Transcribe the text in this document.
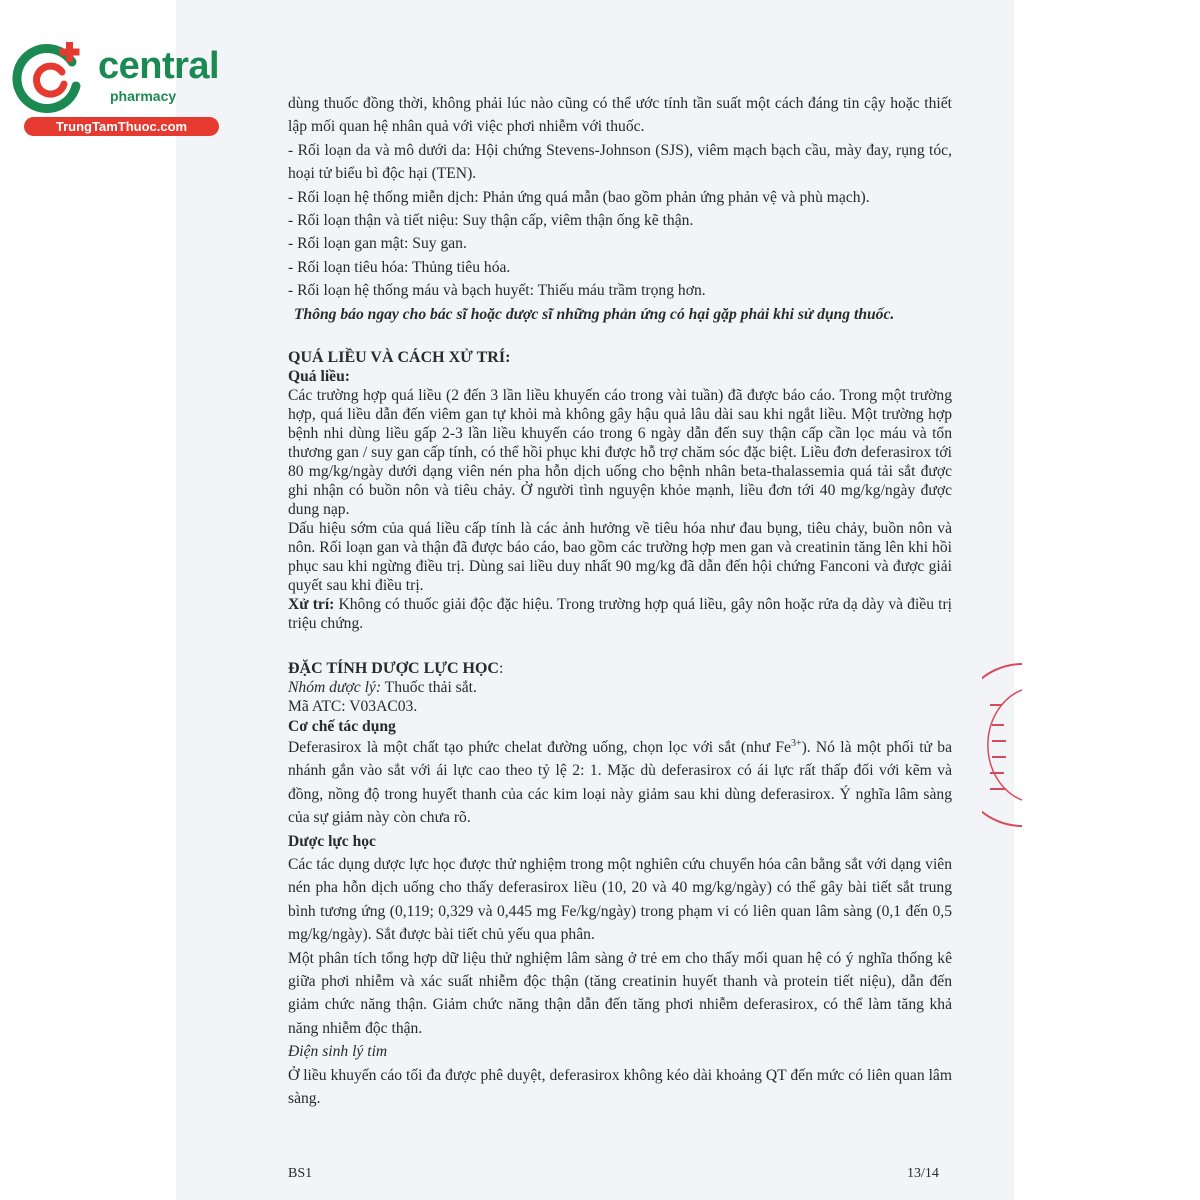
central
pharmacy
TrungTamThuoc.com

dùng thuốc đồng thời, không phải lúc nào cũng có thể ước tính tần suất một cách đáng tin cậy hoặc thiết lập mối quan hệ nhân quả với việc phơi nhiễm với thuốc.

- Rối loạn da và mô dưới da: Hội chứng Stevens-Johnson (SJS), viêm mạch bạch cầu, mày đay, rụng tóc, hoại tử biểu bì độc hại (TEN).

- Rối loạn hệ thống miễn dịch: Phản ứng quá mẫn (bao gồm phản ứng phản vệ và phù mạch).

- Rối loạn thận và tiết niệu: Suy thận cấp, viêm thận ống kẽ thận.

- Rối loạn gan mật: Suy gan.

- Rối loạn tiêu hóa: Thủng tiêu hóa.

- Rối loạn hệ thống máu và bạch huyết: Thiếu máu trầm trọng hơn.

Thông báo ngay cho bác sĩ hoặc dược sĩ những phản ứng có hại gặp phải khi sử dụng thuốc.

QUÁ LIỀU VÀ CÁCH XỬ TRÍ:

Quá liều:

Các trường hợp quá liều (2 đến 3 lần liều khuyến cáo trong vài tuần) đã được báo cáo. Trong một trường hợp, quá liều dẫn đến viêm gan tự khỏi mà không gây hậu quả lâu dài sau khi ngắt liều. Một trường hợp bệnh nhi dùng liều gấp 2-3 lần liều khuyến cáo trong 6 ngày dẫn đến suy thận cấp cần lọc máu và tổn thương gan / suy gan cấp tính, có thể hồi phục khi được hỗ trợ chăm sóc đặc biệt. Liều đơn deferasirox tới 80 mg/kg/ngày dưới dạng viên nén pha hỗn dịch uống cho bệnh nhân beta-thalassemia quá tải sắt được ghi nhận có buồn nôn và tiêu chảy. Ở người tình nguyện khỏe mạnh, liều đơn tới 40 mg/kg/ngày được dung nạp.

Dấu hiệu sớm của quá liều cấp tính là các ảnh hưởng về tiêu hóa như đau bụng, tiêu chảy, buồn nôn và nôn. Rối loạn gan và thận đã được báo cáo, bao gồm các trường hợp men gan và creatinin tăng lên khi hồi phục sau khi ngừng điều trị. Dùng sai liều duy nhất 90 mg/kg đã dẫn đến hội chứng Fanconi và được giải quyết sau khi điều trị.

Xử trí: Không có thuốc giải độc đặc hiệu. Trong trường hợp quá liều, gây nôn hoặc rửa dạ dày và điều trị triệu chứng.

ĐẶC TÍNH DƯỢC LỰC HỌC:

Nhóm dược lý: Thuốc thải sắt.

Mã ATC: V03AC03.

Cơ chế tác dụng

Deferasirox là một chất tạo phức chelat đường uống, chọn lọc với sắt (như $Fe^{3+}$). Nó là một phối tử ba nhánh gắn vào sắt với ái lực cao theo tỷ lệ 2: 1. Mặc dù deferasirox có ái lực rất thấp đối với kẽm và đồng, nồng độ trong huyết thanh của các kim loại này giảm sau khi dùng deferasirox. Ý nghĩa lâm sàng của sự giảm này còn chưa rõ.

Dược lực học

Các tác dụng dược lực học được thử nghiệm trong một nghiên cứu chuyển hóa cân bằng sắt với dạng viên nén pha hỗn dịch uống cho thấy deferasirox liều (10, 20 và 40 mg/kg/ngày) có thể gây bài tiết sắt trung bình tương ứng (0,119; 0,329 và 0,445 mg Fe/kg/ngày) trong phạm vi có liên quan lâm sàng (0,1 đến 0,5 mg/kg/ngày). Sắt được bài tiết chủ yếu qua phân.

Một phân tích tổng hợp dữ liệu thử nghiệm lâm sàng ở trẻ em cho thấy mối quan hệ có ý nghĩa thống kê giữa phơi nhiễm và xác suất nhiễm độc thận (tăng creatinin huyết thanh và protein tiết niệu), dẫn đến giảm chức năng thận. Giảm chức năng thận dẫn đến tăng phơi nhiễm deferasirox, có thể làm tăng khả năng nhiễm độc thận.

Điện sinh lý tim

Ở liều khuyến cáo tối đa được phê duyệt, deferasirox không kéo dài khoảng QT đến mức có liên quan lâm sàng.

BS1	13/14
